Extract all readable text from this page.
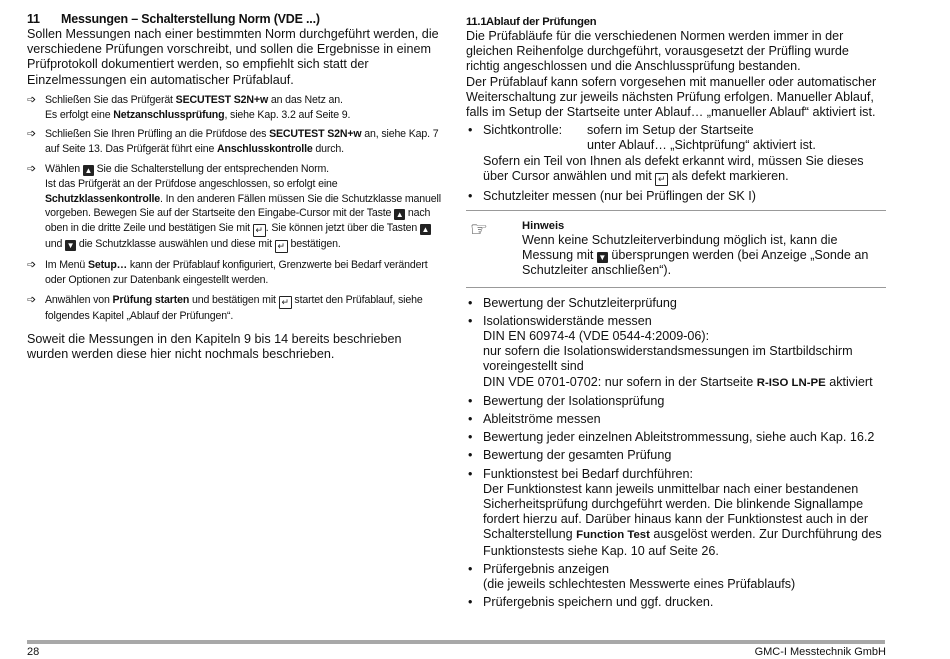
11 Messungen – Schalterstellung Norm (VDE ...)
Sollen Messungen nach einer bestimmten Norm durchgeführt werden, die verschiedene Prüfungen vorschreibt, und sollen die Ergebnisse in einem Prüfprotokoll dokumentiert werden, so empfiehlt sich statt der Einzelmessungen ein automatischer Prüfablauf.
➩ Schließen Sie das Prüfgerät SECUTEST S2N+w an das Netz an.
Es erfolgt eine Netzanschlussprüfung, siehe Kap. 3.2 auf Seite 9.
➩ Schließen Sie Ihren Prüfling an die Prüfdose des SECUTEST S2N+w an, siehe Kap. 7 auf Seite 13. Das Prüfgerät führt eine Anschlusskontrolle durch.
➩ Wählen ▲ Sie die Schalterstellung der entsprechenden Norm.
Ist das Prüfgerät an der Prüfdose angeschlossen, so erfolgt eine Schutzklassenkontrolle. In den anderen Fällen müssen Sie die Schutzklasse manuell vorgeben. Bewegen Sie auf der Startseite den Eingabe-Cursor mit der Taste ▲ nach oben in die dritte Zeile und bestätigen Sie mit ↵ . Sie können jetzt über die Tasten ▲ und ▼ die Schutzklasse auswählen und diese mit ↵ bestätigen.
➩ Im Menü Setup… kann der Prüfablauf konfiguriert, Grenzwerte bei Bedarf verändert oder Optionen zur Datenbank eingestellt werden.
➩ Anwählen von Prüfung starten und bestätigen mit ↵ startet den Prüfablauf, siehe folgendes Kapitel „Ablauf der Prüfungen“.
Soweit die Messungen in den Kapiteln 9 bis 14 bereits beschrieben wurden werden diese hier nicht nochmals beschrieben.
11.1Ablauf der Prüfungen
Die Prüfabläufe für die verschiedenen Normen werden immer in der gleichen Reihenfolge durchgeführt, vorausgesetzt der Prüfling wurde richtig angeschlossen und die Anschlussprüfung bestanden.
Der Prüfablauf kann sofern vorgesehen mit manueller oder automatischer Weiterschaltung zur jeweils nächsten Prüfung erfolgen. Manueller Ablauf, falls im Setup der Startseite unter Ablauf… „manueller Ablauf“ aktiviert ist.
• Sichtkontrolle:	sofern im Setup der Startseite
unter Ablauf… „Sichtprüfung“ aktiviert ist.
Sofern ein Teil von Ihnen als defekt erkannt wird, müssen Sie dieses über Cursor anwählen und mit ↵ als defekt markieren.
• Schutzleiter messen (nur bei Prüflingen der SK I)
☞	Hinweis
Wenn keine Schutzleiterverbindung möglich ist, kann die Messung mit ▼ übersprungen werden (bei Anzeige „Sonde an Schutzleiter anschließen“).
• Bewertung der Schutzleiterprüfung
• Isolationswiderstände messen
DIN EN 60974-4 (VDE 0544-4:2009-06):
nur sofern die Isolationswiderstandsmessungen im Startbildschirm voreingestellt sind
DIN VDE 0701-0702: nur sofern in der Startseite R-ISO LN-PE aktiviert
• Bewertung der Isolationsprüfung
• Ableitströme messen
• Bewertung jeder einzelnen Ableitstrommessung, siehe auch Kap. 16.2
• Bewertung der gesamten Prüfung
• Funktionstest bei Bedarf durchführen:
Der Funktionstest kann jeweils unmittelbar nach einer bestandenen Sicherheitsprüfung durchgeführt werden. Die blinkende Signallampe fordert hierzu auf. Darüber hinaus kann der Funktionstest auch in der Schalterstellung Function Test ausgelöst werden. Zur Durchführung des Funktionstests siehe Kap. 10 auf Seite 26.
• Prüfergebnis anzeigen
(die jeweils schlechtesten Messwerte eines Prüfablaufs)
• Prüfergebnis speichern und ggf. drucken.
28	GMC-I Messtechnik GmbH
